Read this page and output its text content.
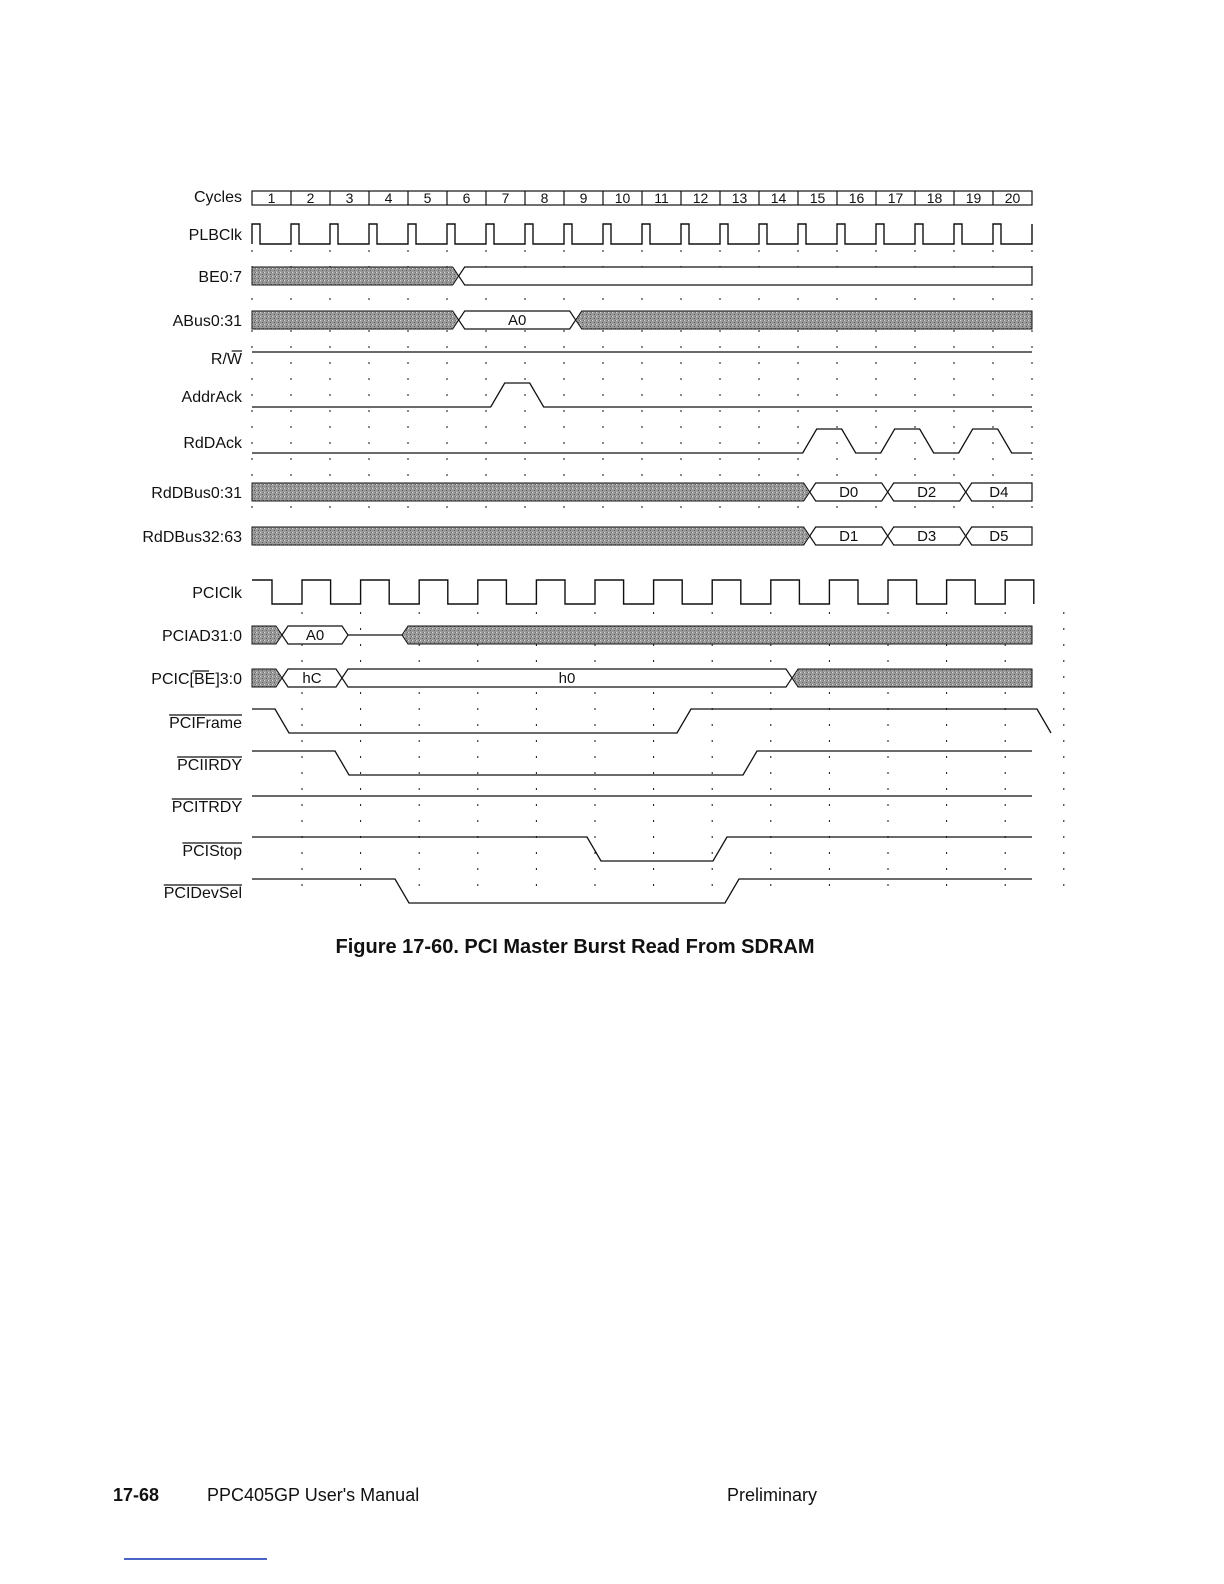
Cycles
PLBClk
BE0:7
ABus0:31
R/W
AddrAck
RdDAck
RdDBus0:31
RdDBus32:63
PCIClk
PCIAD31:0
PCIC[BE]3:0
PCIFrame
PCIIRDY
PCITRDY
PCIStop
PCIDevSel
1 2 3 4 5 6 7 8 9 10 11 12 13 14 15 16 17 18 19 20
A0
D0	D2	D4
D1	D3	D5
A0
hC	h0
Figure 17-60. PCI Master Burst Read From SDRAM
17-68	PPC405GP User's Manual	Preliminary
